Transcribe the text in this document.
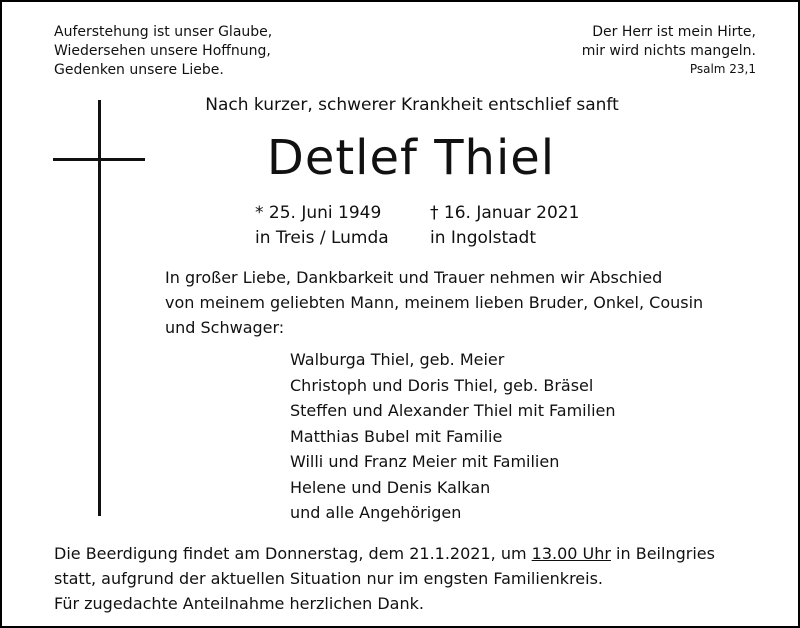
Auferstehung ist unser Glaube,
Wiedersehen unsere Hoffnung,
Gedenken unsere Liebe.
Der Herr ist mein Hirte,
mir wird nichts mangeln.
Psalm 23,1
Nach kurzer, schwerer Krankheit entschlief sanft
Detlef Thiel
* 25. Juni 1949
in Treis / Lumda
† 16. Januar 2021
in Ingolstadt
In großer Liebe, Dankbarkeit und Trauer nehmen wir Abschied
von meinem geliebten Mann, meinem lieben Bruder, Onkel, Cousin
und Schwager:
Walburga Thiel, geb. Meier
Christoph und Doris Thiel, geb. Bräsel
Steffen und Alexander Thiel mit Familien
Matthias Bubel mit Familie
Willi und Franz Meier mit Familien
Helene und Denis Kalkan
und alle Angehörigen
Die Beerdigung findet am Donnerstag, dem 21.1.2021, um 13.00 Uhr in Beilngries
statt, aufgrund der aktuellen Situation nur im engsten Familienkreis.
Für zugedachte Anteilnahme herzlichen Dank.
